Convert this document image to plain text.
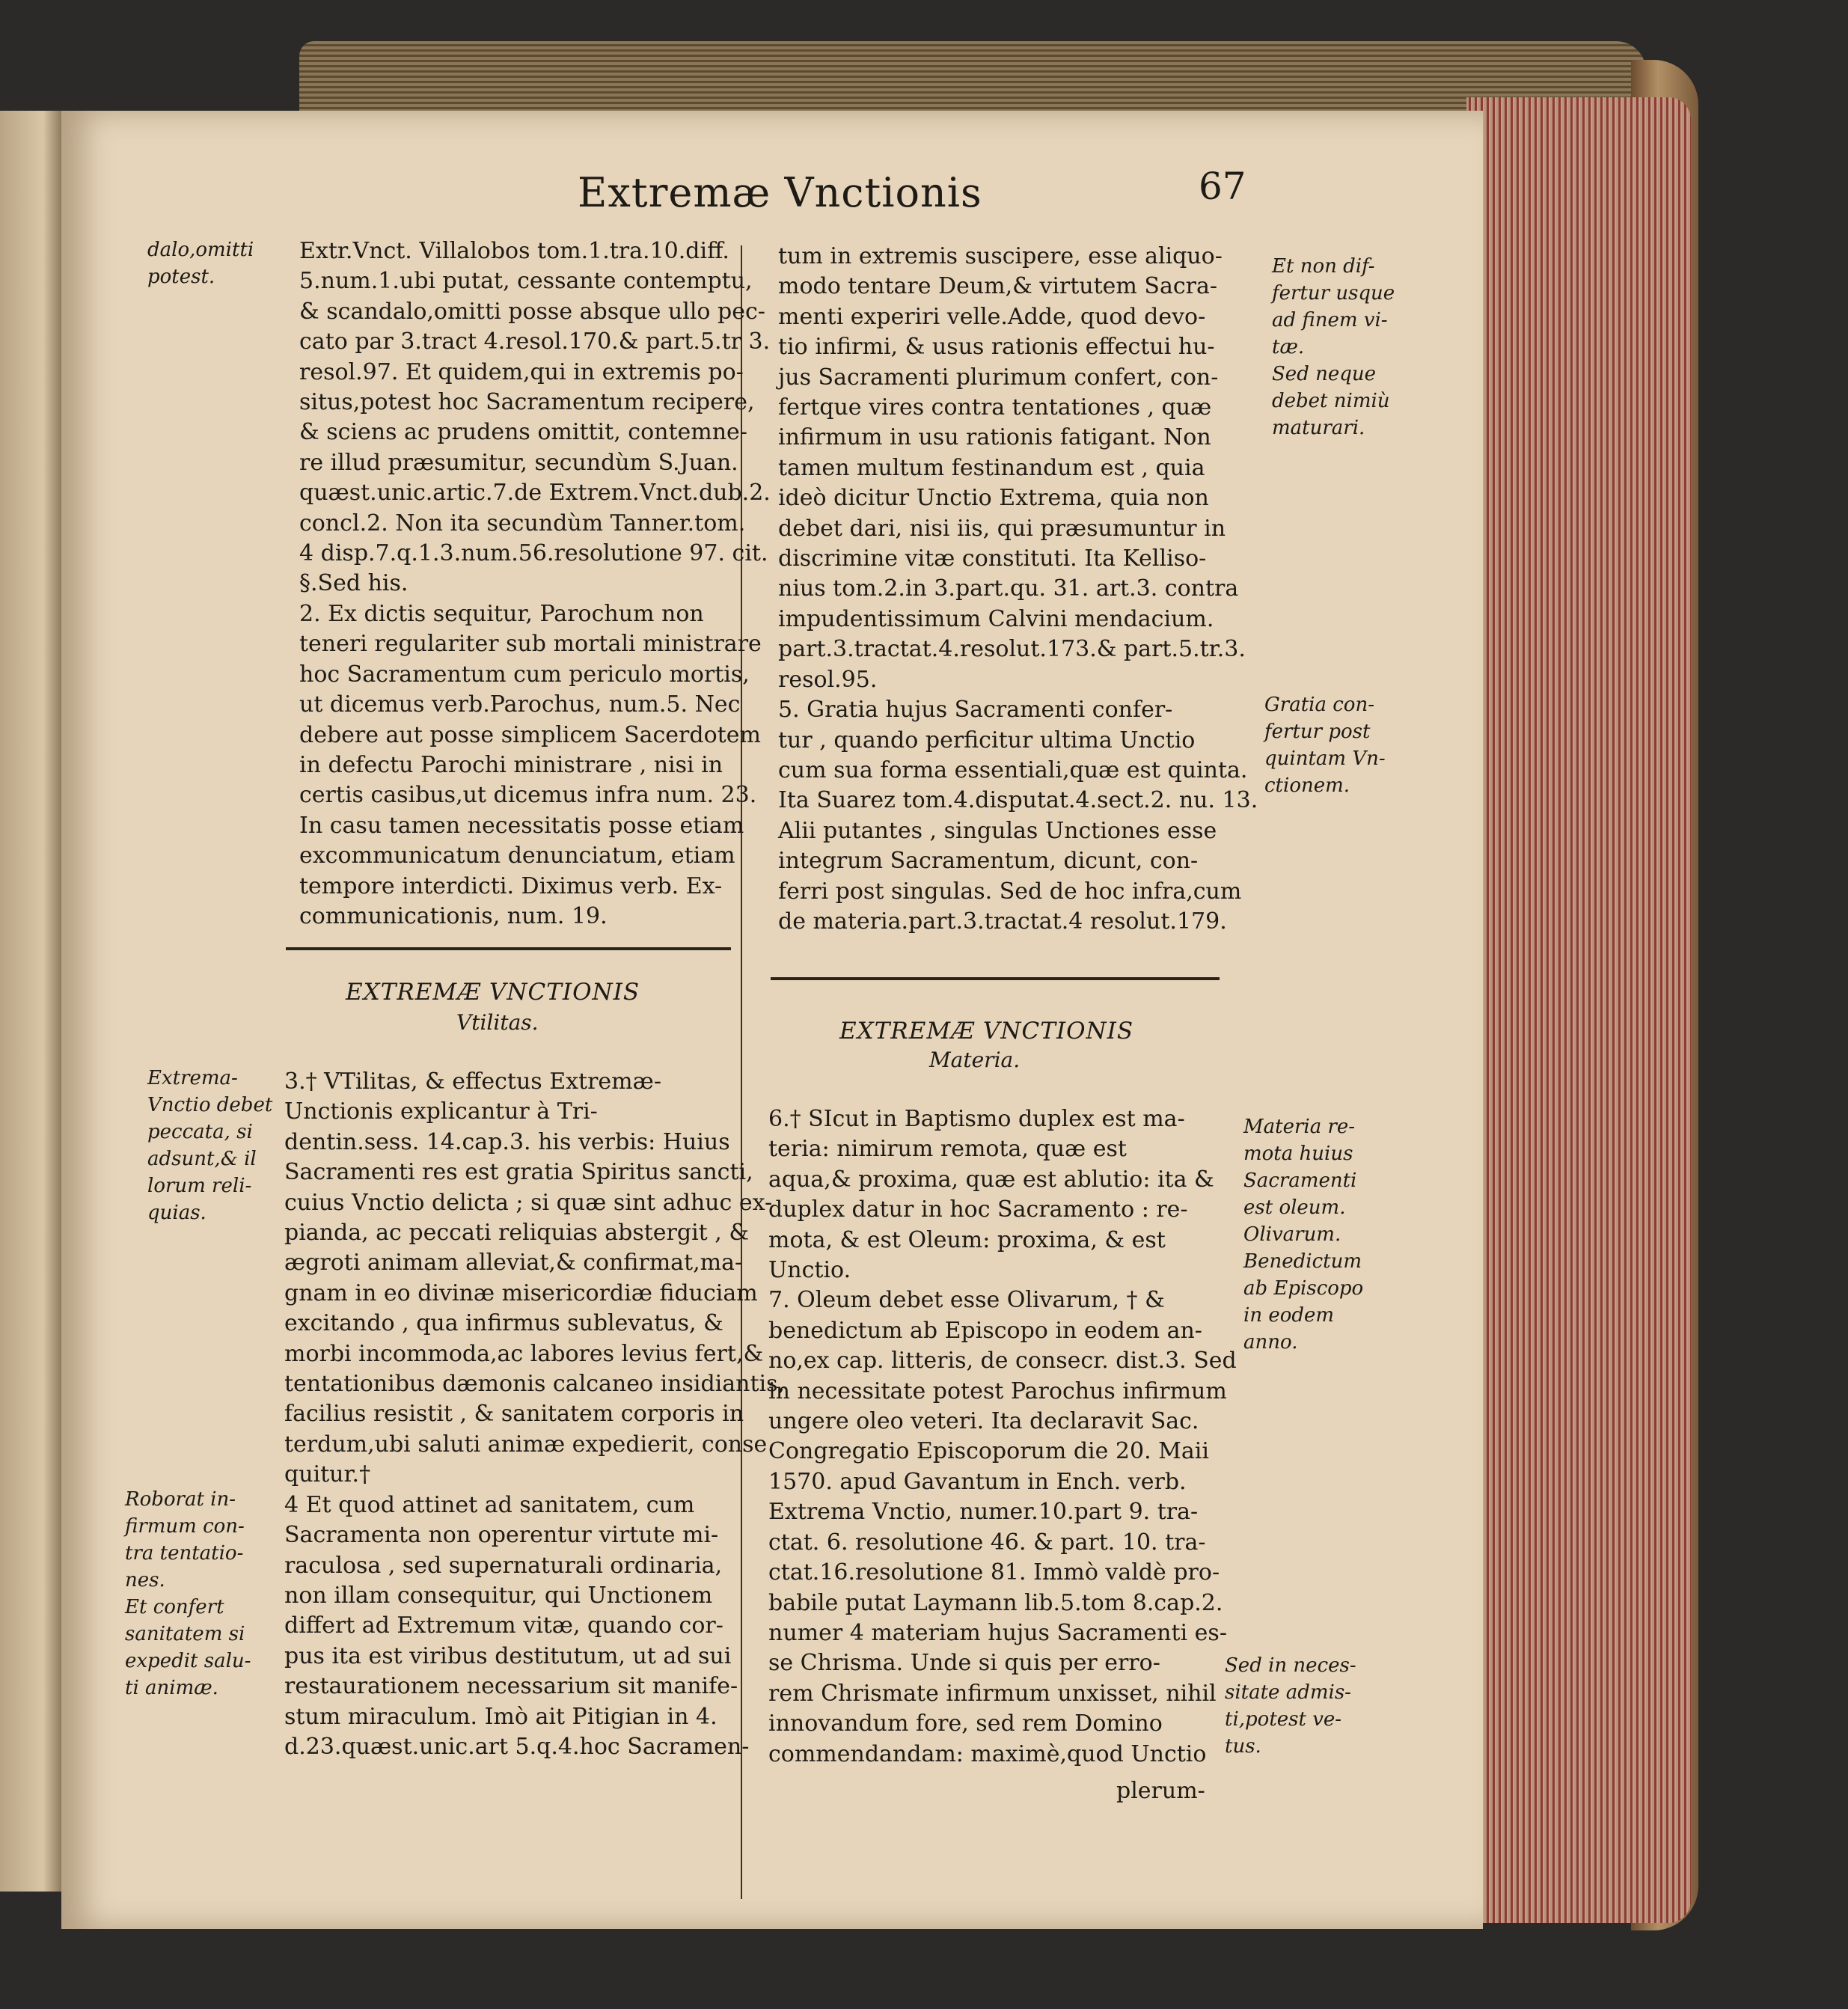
Extremæ Vnctionis	67
dalo,omitti
potest.
Extrema-
Vnctio debet
peccata, si
adsunt,& il
lorum reli-
quias.
Roborat in-
firmum con-
tra tentatio-
nes.
Et confert
sanitatem si
expedit salu-
ti animæ.
Et non dif-
fertur usque
ad finem vi-
tæ.
Sed neque
debet nimiù
maturari.
Gratia con-
fertur post
quintam Vn-
ctionem.
Materia re-
mota huius
Sacramenti
est oleum.
Olivarum.
Benedictum
ab Episcopo
in eodem
anno.
Sed in neces-
sitate admis-
ti,potest ve-
tus.
Extr.Vnct. Villalobos tom.1.tra.10.diff.
5.num.1.ubi putat, cessante contemptu,
& scandalo,omitti posse absque ullo pec-
cato par 3.tract 4.resol.170.& part.5.tr 3.
resol.97. Et quidem,qui in extremis po-
situs,potest hoc Sacramentum recipere,
& sciens ac prudens omittit, contemne-
re illud præsumitur, secundùm S.Juan.
quæst.unic.artic.7.de Extrem.Vnct.dub.2.
concl.2. Non ita secundùm Tanner.tom.
4 disp.7.q.1.3.num.56.resolutione 97. cit.
§.Sed his.
2. Ex dictis sequitur, Parochum non
teneri regulariter sub mortali ministrare
hoc Sacramentum cum periculo mortis,
ut dicemus verb.Parochus, num.5. Nec
debere aut posse simplicem Sacerdotem
in defectu Parochi ministrare , nisi in
certis casibus,ut dicemus infra num. 23.
In casu tamen necessitatis posse etiam
excommunicatum denunciatum, etiam
tempore interdicti. Diximus verb. Ex-
communicationis, num. 19.
EXTREMÆ VNCTIONIS
Vtilitas.
3.† VTilitas, & effectus Extremæ-
Unctionis explicantur à Tri-
dentin.sess. 14.cap.3. his verbis: Huius
Sacramenti res est gratia Spiritus sancti,
cuius Vnctio delicta ; si quæ sint adhuc ex-
pianda, ac peccati reliquias abstergit , &
ægroti animam alleviat,& confirmat,ma-
gnam in eo divinæ misericordiæ fiduciam
excitando , qua infirmus sublevatus, &
morbi incommoda,ac labores levius fert,&
tentationibus dæmonis calcaneo insidiantis,
facilius resistit , & sanitatem corporis in
terdum,ubi saluti animæ expedierit, conse
quitur.†
4 Et quod attinet ad sanitatem, cum
Sacramenta non operentur virtute mi-
raculosa , sed supernaturali ordinaria,
non illam consequitur, qui Unctionem
differt ad Extremum vitæ, quando cor-
pus ita est viribus destitutum, ut ad sui
restaurationem necessarium sit manife-
stum miraculum. Imò ait Pitigian in 4.
d.23.quæst.unic.art 5.q.4.hoc Sacramen-
tum in extremis suscipere, esse aliquo-
modo tentare Deum,& virtutem Sacra-
menti experiri velle.Adde, quod devo-
tio infirmi, & usus rationis effectui hu-
jus Sacramenti plurimum confert, con-
fertque vires contra tentationes , quæ
infirmum in usu rationis fatigant. Non
tamen multum festinandum est , quia
ideò dicitur Unctio Extrema, quia non
debet dari, nisi iis, qui præsumuntur in
discrimine vitæ constituti. Ita Kelliso-
nius tom.2.in 3.part.qu. 31. art.3. contra
impudentissimum Calvini mendacium.
part.3.tractat.4.resolut.173.& part.5.tr.3.
resol.95.
5. Gratia hujus Sacramenti confer-
tur , quando perficitur ultima Unctio
cum sua forma essentiali,quæ est quinta.
Ita Suarez tom.4.disputat.4.sect.2. nu. 13.
Alii putantes , singulas Unctiones esse
integrum Sacramentum, dicunt, con-
ferri post singulas. Sed de hoc infra,cum
de materia.part.3.tractat.4 resolut.179.
EXTREMÆ VNCTIONIS
Materia.
6.† SIcut in Baptismo duplex est ma-
teria: nimirum remota, quæ est
aqua,& proxima, quæ est ablutio: ita &
duplex datur in hoc Sacramento : re-
mota, & est Oleum: proxima, & est
Unctio.
7. Oleum debet esse Olivarum, † &
benedictum ab Episcopo in eodem an-
no,ex cap. litteris, de consecr. dist.3. Sed
in necessitate potest Parochus infirmum
ungere oleo veteri. Ita declaravit Sac.
Congregatio Episcoporum die 20. Maii
1570. apud Gavantum in Ench. verb.
Extrema Vnctio, numer.10.part 9. tra-
ctat. 6. resolutione 46. & part. 10. tra-
ctat.16.resolutione 81. Immò valdè pro-
babile putat Laymann lib.5.tom 8.cap.2.
numer 4 materiam hujus Sacramenti es-
se Chrisma. Unde si quis per erro-
rem Chrismate infirmum unxisset, nihil
innovandum fore, sed rem Domino
commendandam: maximè,quod Unctio
plerum-
